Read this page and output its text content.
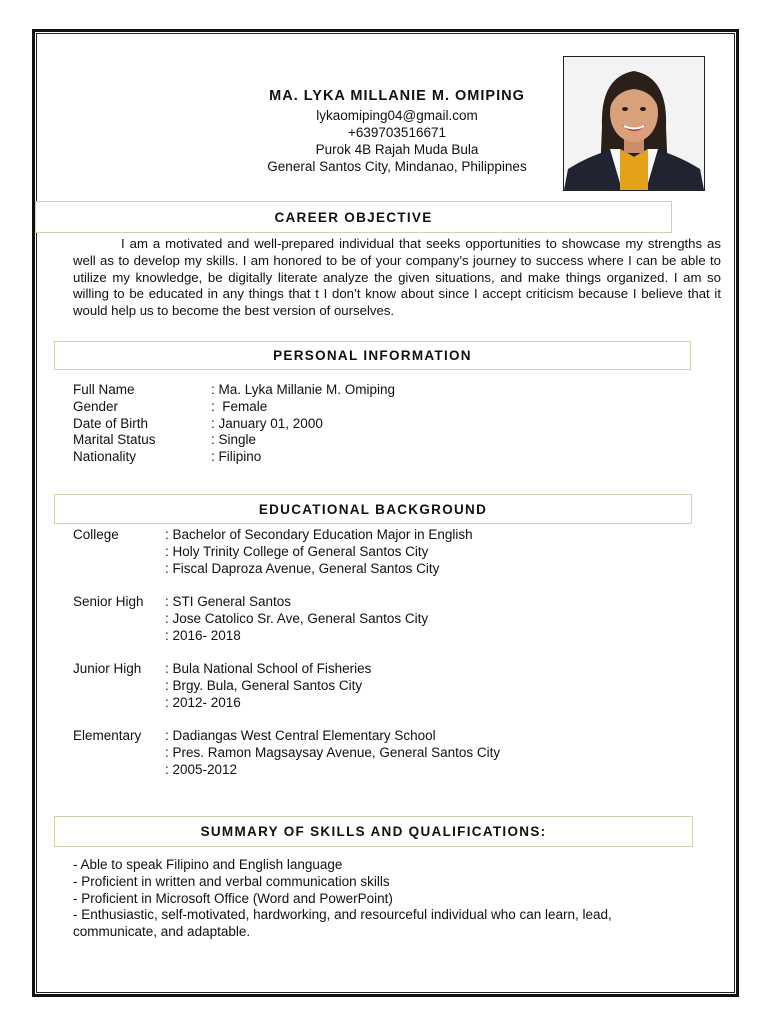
MA. LYKA MILLANIE M. OMIPING
lykaomiping04@gmail.com
+639703516671
Purok 4B Rajah Muda Bula
General Santos City, Mindanao, Philippines
CAREER OBJECTIVE
I am a motivated and well-prepared individual that seeks opportunities to showcase my strengths as well as to develop my skills. I am honored to be of your company’s journey to success where I can be able to utilize my knowledge, be digitally literate analyze the given situations, and make things organized. I am so willing to be educated in any things that t I don’t know about since I accept criticism because I believe that it would help us to become the best version of ourselves.
PERSONAL INFORMATION
Full Name	: Ma. Lyka Millanie M. Omiping
Gender	:  Female
Date of Birth	: January 01, 2000
Marital Status	: Single
Nationality	: Filipino
EDUCATIONAL BACKGROUND
College	: Bachelor of Secondary Education Major in English
: Holy Trinity College of General Santos City
: Fiscal Daproza Avenue, General Santos City
Senior High : STI General Santos
: Jose Catolico Sr. Ave, General Santos City
: 2016- 2018
Junior High : Bula National School of Fisheries
: Brgy. Bula, General Santos City
: 2012- 2016
Elementary : Dadiangas West Central Elementary School
: Pres. Ramon Magsaysay Avenue, General Santos City
: 2005-2012
SUMMARY OF SKILLS AND QUALIFICATIONS:
- Able to speak Filipino and English language
- Proficient in written and verbal communication skills
- Proficient in Microsoft Office (Word and PowerPoint)
- Enthusiastic, self-motivated, hardworking, and resourceful individual who can learn, lead, communicate, and adaptable.
